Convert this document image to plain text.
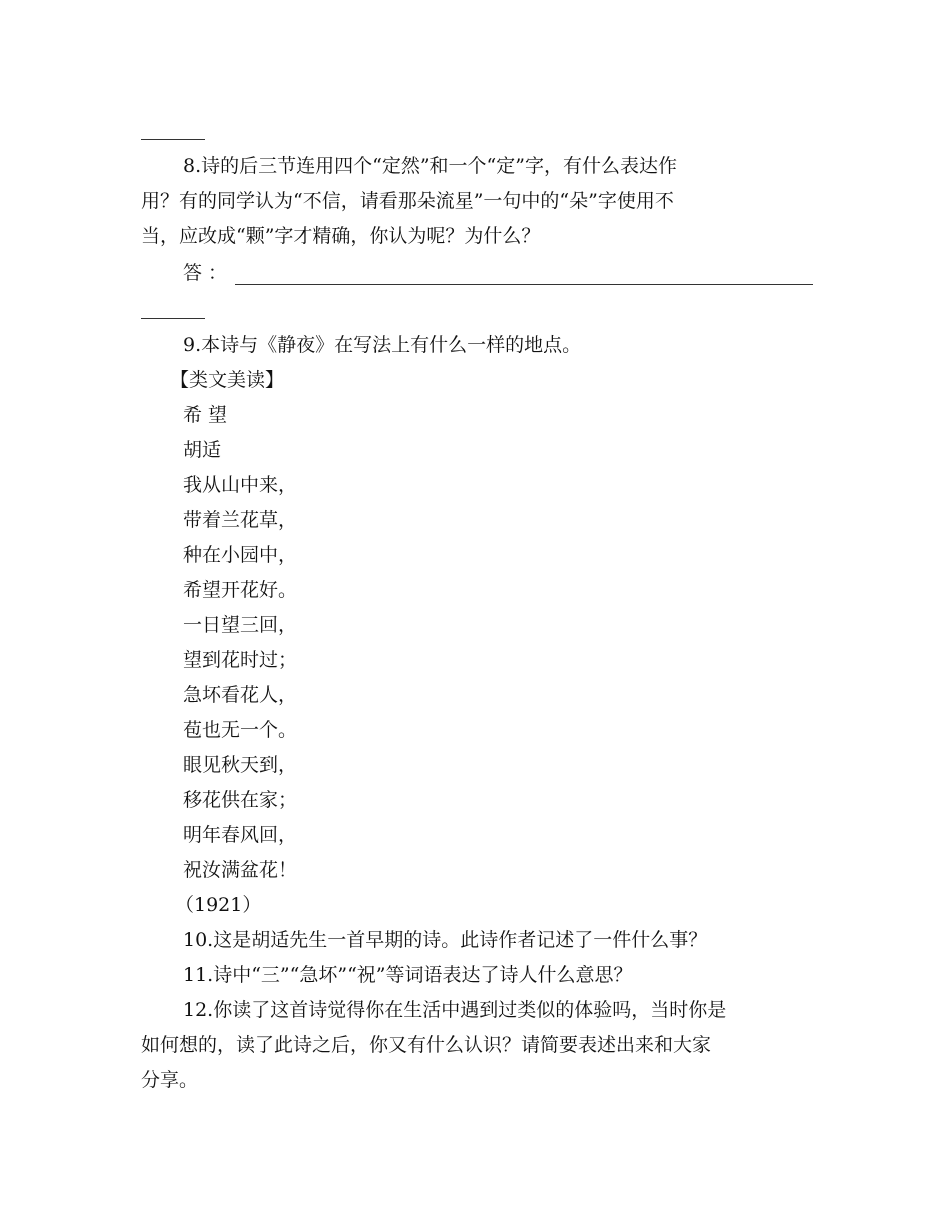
8.诗的后三节连用四个“定然”和一个“定”字，有什么表达作
用？有的同学认为“不信，请看那朵流星”一句中的“朵”字使用不
当，应改成“颗”字才精确，你认为呢？为什么？
答：
9.本诗与《静夜》在写法上有什么一样的地点。
【类文美读】
希 望
胡适
我从山中来，
带着兰花草，
种在小园中，
希望开花好。
一日望三回，
望到花时过；
急坏看花人，
苞也无一个。
眼见秋天到，
移花供在家；
明年春风回，
祝汝满盆花！
（1921）
10.这是胡适先生一首早期的诗。此诗作者记述了一件什么事？
11.诗中“三”“急坏”“祝”等词语表达了诗人什么意思？
12.你读了这首诗觉得你在生活中遇到过类似的体验吗，当时你是
如何想的，读了此诗之后，你又有什么认识？请简要表述出来和大家
分享。
